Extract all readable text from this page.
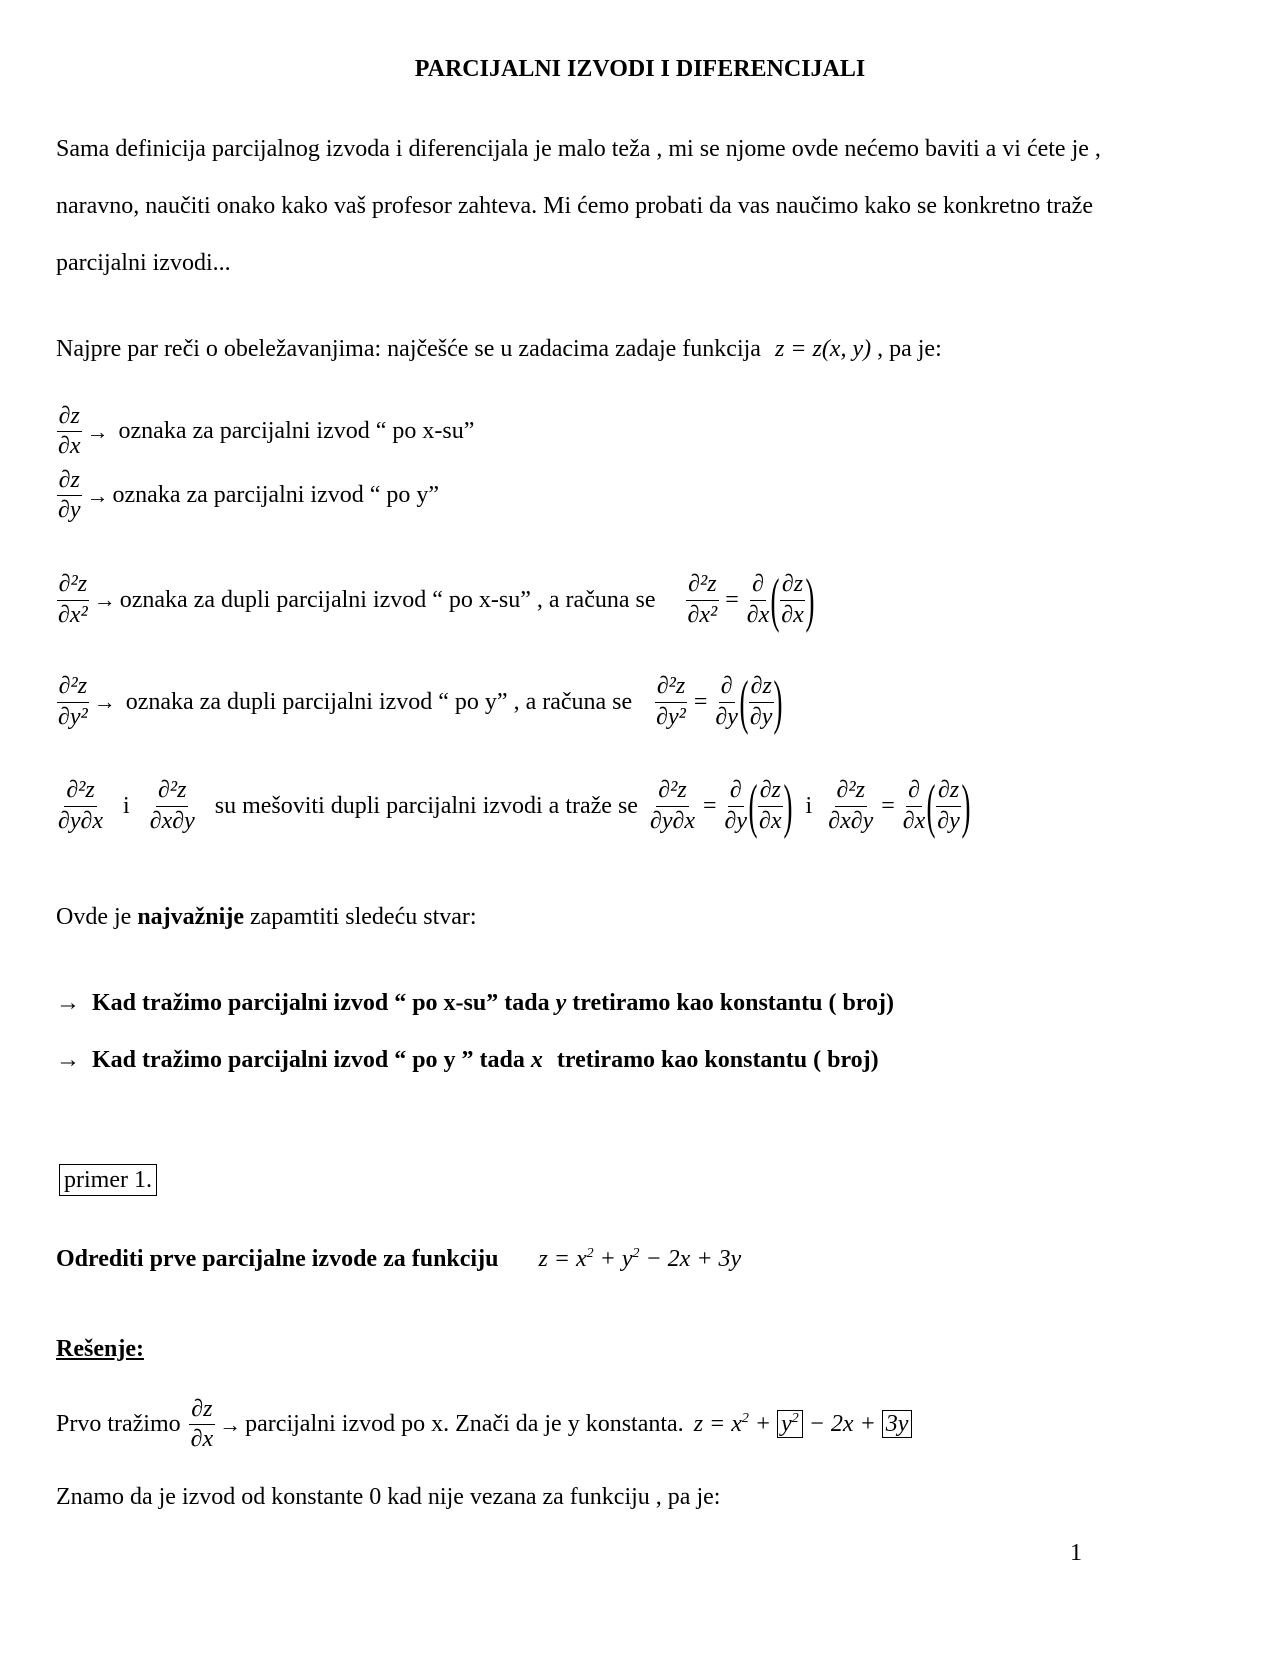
PARCIJALNI IZVODI I DIFERENCIJALI
Sama definicija parcijalnog izvoda i diferencijala je malo teža , mi se njome ovde nećemo baviti a vi ćete je ,
naravno, naučiti onako kako vaš profesor zahteva. Mi ćemo probati da vas naučimo kako se konkretno traže
parcijalni izvodi...
Najpre par reči o obeležavanjima: najčešće se u zadacima zadaje funkcija z = z(x, y) , pa je:
$\frac{\partial z}{\partial x}$ → oznaka za parcijalni izvod “ po x-su”
$\frac{\partial z}{\partial y}$ → oznaka za parcijalni izvod “ po y”
$\frac{\text{∂²z}}{\text{∂x²}}$ → oznaka za dupli parcijalni izvod “ po x-su” , a računa se $\frac{\text{∂²z}}{\text{∂x²}} = \frac{\partial}{\partial x}$ ( $\frac{\partial z}{\partial x}$ )
$\frac{\text{∂²z}}{\text{∂y²}}$ → oznaka za dupli parcijalni izvod “ po y” , a računa se $\frac{\text{∂²z}}{\text{∂y²}} = \frac{\partial}{\partial y}$ ( $\frac{\partial z}{\partial y}$ )
$\frac{\text{∂²z}}{\partial y\partial x}$ i $\frac{\text{∂²z}}{\partial x\partial y}$ su mešoviti dupli parcijalni izvodi a traže se $\frac{\text{∂²z}}{\partial y\partial x} = \frac{\partial}{\partial y}$ ( $\frac{\partial z}{\partial x}$ ) i $\frac{\text{∂²z}}{\partial x\partial y} = \frac{\partial}{\partial x}$ ( $\frac{\partial z}{\partial y}$ )
Ovde je najvažnije zapamtiti sledeću stvar:
→ Kad tražimo parcijalni izvod “ po x-su” tada y tretiramo kao konstantu ( broj)
→ Kad tražimo parcijalni izvod “ po y ” tada x tretiramo kao konstantu ( broj)
primer 1.
Odrediti prve parcijalne izvode za funkciju $z = x^2 + y^2 - 2x + 3y$
Rešenje:
Prvo tražimo $\frac{\partial z}{\partial x}$ → parcijalni izvod po x. Znači da je y konstanta. $z = x^2 + y^2 - 2x + 3y$
Znamo da je izvod od konstante 0 kad nije vezana za funkciju , pa je:
1
